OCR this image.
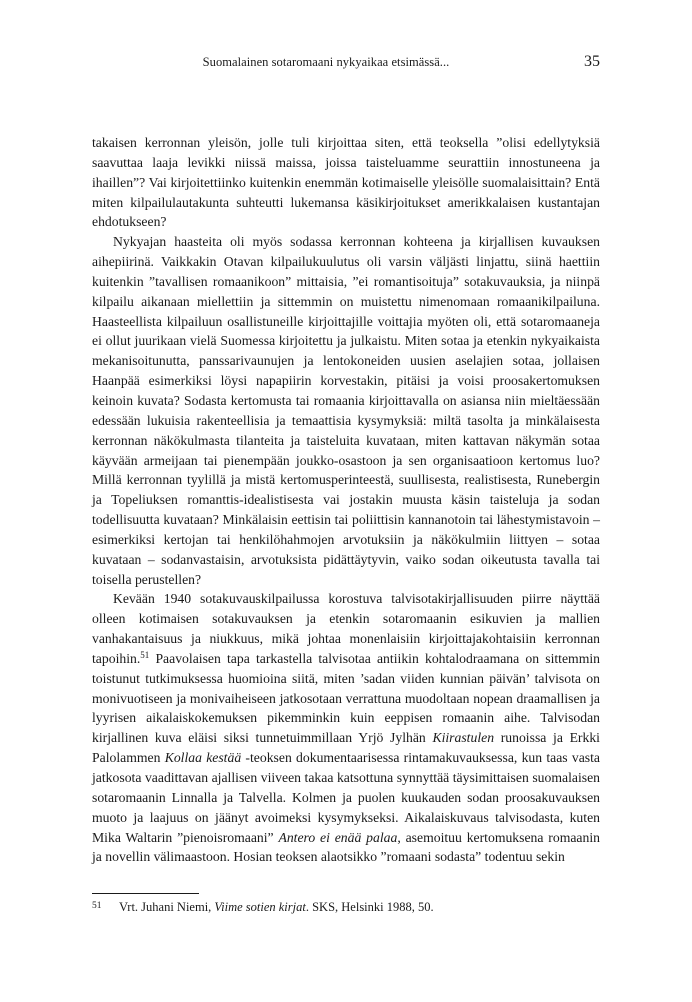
Suomalainen sotaromaani nykyaikaa etsimässä...	35

takaisen kerronnan yleisön, jolle tuli kirjoittaa siten, että teoksella ”olisi edellytyksiä saavuttaa laaja levikki niissä maissa, joissa taisteluamme seurattiin innostuneena ja ihaillen”? Vai kirjoitettiinko kuitenkin enemmän kotimaiselle yleisölle suomalaisittain? Entä miten kilpailulautakunta suhteutti lukemansa käsikirjoitukset amerikkalaisen kustantajan ehdotukseen?

Nykyajan haasteita oli myös sodassa kerronnan kohteena ja kirjallisen kuvauksen aihepiirinä. Vaikkakin Otavan kilpailukuulutus oli varsin väljästi linjattu, siinä haettiin kuitenkin ”tavallisen romaanikoon” mittaisia, ”ei romantisoituja” sotakuvauksia, ja niinpä kilpailu aikanaan miellettiin ja sittemmin on muistettu nimenomaan romaanikilpailuna. Haasteellista kilpailuun osallistuneille kirjoittajille voittajia myöten oli, että sotaromaaneja ei ollut juurikaan vielä Suomessa kirjoitettu ja julkaistu. Miten sotaa ja etenkin nykyaikaista mekanisoitunutta, panssarivaunujen ja lentokoneiden uusien aselajien sotaa, jollaisen Haanpää esimerkiksi löysi napapiirin korvestakin, pitäisi ja voisi proosakertomuksen keinoin kuvata? Sodasta kertomusta tai romaania kirjoittavalla on asiansa niin mieltäessään edessään lukuisia rakenteellisia ja temaattisia kysymyksiä: miltä tasolta ja minkälaisesta kerronnan näkökulmasta tilanteita ja taisteluita kuvataan, miten kattavan näkymän sotaa käyvään armeijaan tai pienempään joukko-osastoon ja sen organisaatioon kertomus luo? Millä kerronnan tyylillä ja mistä kertomusperinteestä, suullisesta, realistisesta, Runebergin ja Topeliuksen romanttis-idealistisesta vai jostakin muusta käsin taisteluja ja sodan todellisuutta kuvataan? Minkälaisin eettisin tai poliittisin kannanotoin tai lähestymistavoin – esimerkiksi kertojan tai henkilöhahmojen arvotuksiin ja näkökulmiin liittyen – sotaa kuvataan – sodanvastaisin, arvotuksista pidättäytyvin, vaiko sodan oikeutusta tavalla tai toisella perustellen?

Kevään 1940 sotakuvauskilpailussa korostuva talvisotakirjallisuuden piirre näyttää olleen kotimaisen sotakuvauksen ja etenkin sotaromaanin esikuvien ja mallien vanhakantaisuus ja niukkuus, mikä johtaa monenlaisiin kirjoittajakohtaisiin kerronnan tapoihin.$^{51}$ Paavolaisen tapa tarkastella talvisotaa antiikin kohtalodraamana on sittemmin toistunut tutkimuksessa huomioina siitä, miten ’sadan viiden kunnian päivän’ talvisota on monivuotiseen ja monivaiheiseen jatkosotaan verrattuna muodoltaan nopean draamallisen ja lyyrisen aikalaiskokemuksen pikemminkin kuin eeppisen romaanin aihe. Talvisodan kirjallinen kuva eläisi siksi tunnetuimmillaan Yrjö Jylhän Kiirastulen runoissa ja Erkki Palolammen Kollaa kestää -teoksen dokumentaarisessa rintamakuvauksessa, kun taas vasta jatkosota vaadittavan ajallisen viiveen takaa katsottuna synnyttää täysimittaisen suomalaisen sotaromaanin Linnalla ja Talvella. Kolmen ja puolen kuukauden sodan proosakuvauksen muoto ja laajuus on jäänyt avoimeksi kysymykseksi. Aikalaiskuvaus talvisodasta, kuten Mika Waltarin ”pienoisromaani” Antero ei enää palaa, asemoituu kertomuksena romaanin ja novellin välimaastoon. Hosian teoksen alaotsikko ”romaani sodasta” todentuu sekin

51 Vrt. Juhani Niemi, Viime sotien kirjat. SKS, Helsinki 1988, 50.
